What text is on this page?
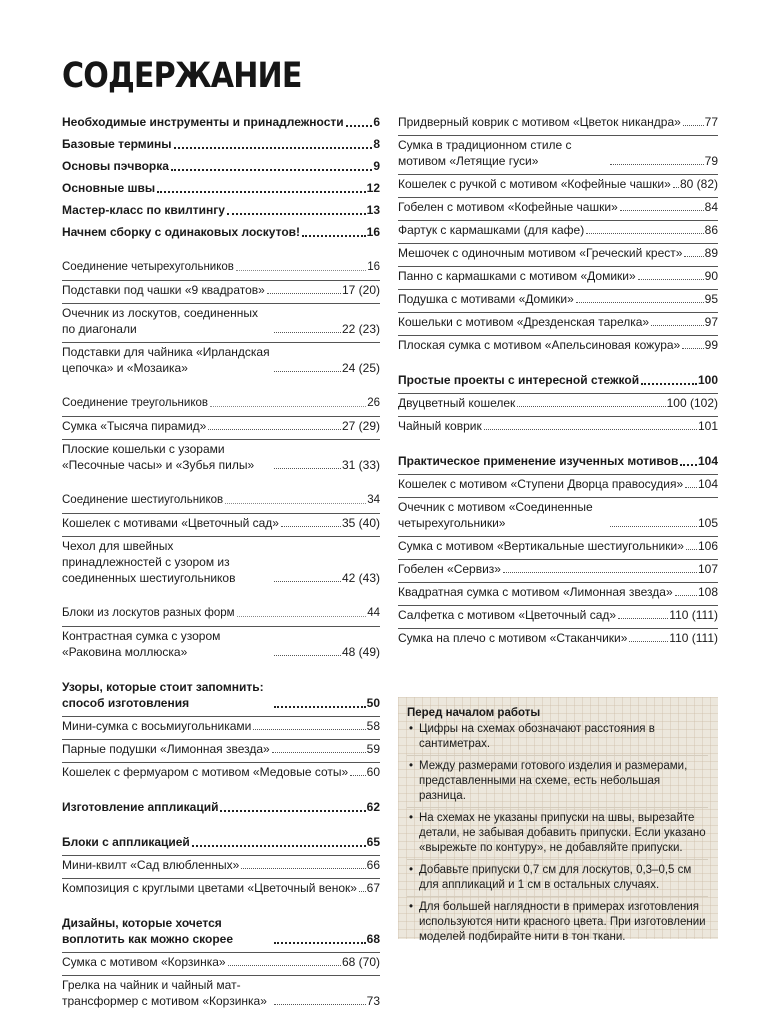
СОДЕРЖАНИЕ
Необходимые инструменты и принадлежности 6
Базовые термины	8
Основы пэчворка	9
Основные швы	12
Мастер-класс по квилтингу	13
Начнем сборку с одинаковых лоскутов!	16
Соединение четырехугольников	16
Подставки под чашки «9 квадратов»	17 (20)
Очечник из лоскутов, соединенных по диагонали	22 (23)
Подставки для чайника «Ирландская цепочка» и «Мозаика»	24 (25)
Соединение треугольников	26
Сумка «Тысяча пирамид»	27 (29)
Плоские кошельки с узорами «Песочные часы» и «Зубья пилы»	31 (33)
Соединение шестиугольников	34
Кошелек с мотивами «Цветочный сад»	35 (40)
Чехол для швейных принадлежностей с узором из соединенных шестиугольников	42 (43)
Блоки из лоскутов разных форм	44
Контрастная сумка с узором «Раковина моллюска»	48 (49)
Узоры, которые стоит запомнить: способ изготовления	50
Мини-сумка с восьмиугольниками	58
Парные подушки «Лимонная звезда»	59
Кошелек с фермуаром с мотивом «Медовые соты» 60
Изготовление аппликаций	62
Блоки с аппликацией	65
Мини-квилт «Сад влюбленных»	66
Композиция с круглыми цветами «Цветочный венок» 67
Дизайны, которые хочется воплотить как можно скорее	68
Сумка с мотивом «Корзинка»	68 (70)
Грелка на чайник и чайный мат-трансформер с мотивом «Корзинка»	73
Придверный коврик с мотивом «Цветок никандра» 77
Сумка в традиционном стиле с мотивом «Летящие гуси»	79
Кошелек с ручкой с мотивом «Кофейные чашки» 80 (82)
Гобелен с мотивом «Кофейные чашки»	84
Фартук с кармашками (для кафе)	86
Мешочек с одиночным мотивом «Греческий крест» 89
Панно с кармашками с мотивом «Домики»	90
Подушка с мотивами «Домики»	95
Кошельки с мотивом «Дрезденская тарелка»	97
Плоская сумка с мотивом «Апельсиновая кожура» 99
Простые проекты с интересной стежкой	100
Двуцветный кошелек	100 (102)
Чайный коврик	101
Практическое применение изученных мотивов 104
Кошелек с мотивом «Ступени Дворца правосудия» 104
Очечник с мотивом «Соединенные четырехугольники»	105
Сумка с мотивом «Вертикальные шестиугольники» 106
Гобелен «Сервиз»	107
Квадратная сумка с мотивом «Лимонная звезда» 108
Салфетка с мотивом «Цветочный сад»	110 (111)
Сумка на плечо с мотивом «Стаканчики»	110 (111)
Перед началом работы
• Цифры на схемах обозначают расстояния в сантиметрах.
• Между размерами готового изделия и размерами, представленными на схеме, есть небольшая разница.
• На схемах не указаны припуски на швы, вырезайте детали, не забывая добавить припуски. Если указано «вырежьте по контуру», не добавляйте припуски.
• Добавьте припуски 0,7 см для лоскутов, 0,3–0,5 см для аппликаций и 1 см в остальных случаях.
• Для большей наглядности в примерах изготовления используются нити красного цвета. При изготовлении моделей подбирайте нити в тон ткани.
